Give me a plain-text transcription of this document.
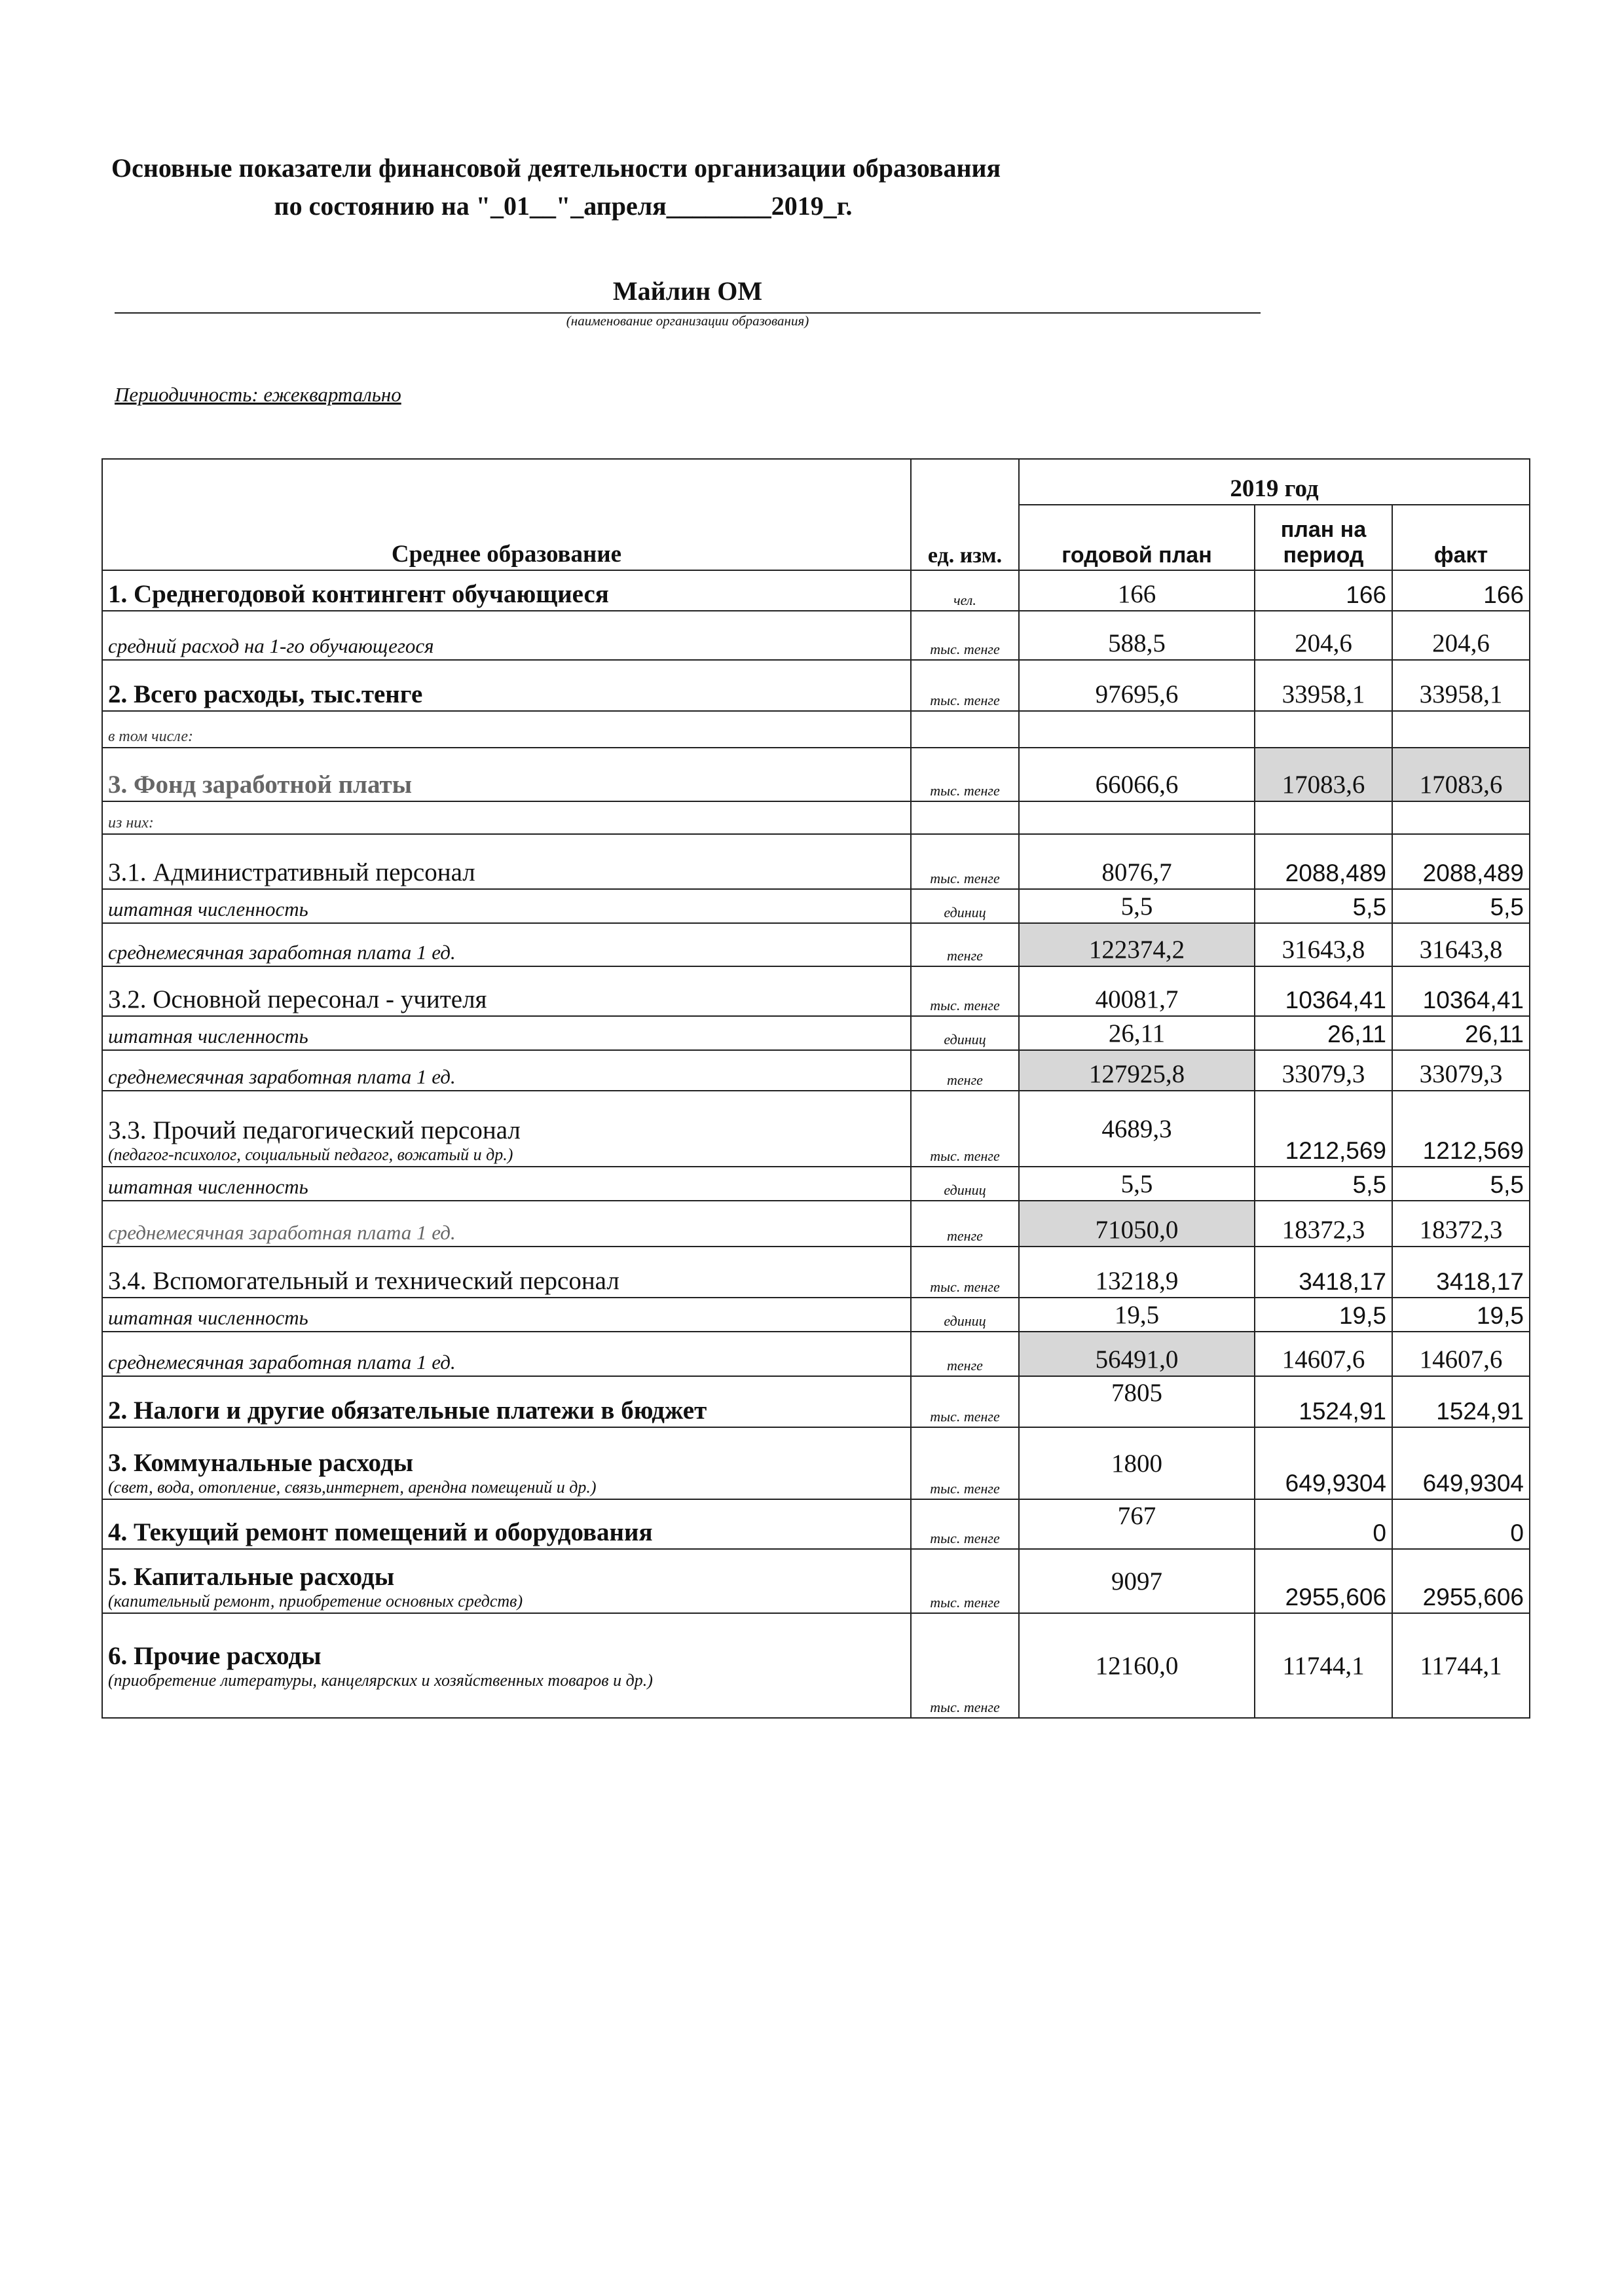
Основные показатели финансовой деятельности организации образования
по состоянию на "_01__"_апреля________2019_г.
Майлин ОМ
(наименование организации образования)
Периодичность: ежеквартально
Среднее образование	ед. изм.	2019 год		
		годовой план	план на период	факт
1. Среднегодовой контингент обучающиеся	чел.	166	166	166
средний расход на 1-го обучающегося	тыс. тенге	588,5	204,6	204,6
2. Всего расходы, тыс.тенге	тыс. тенге	97695,6	33958,1	33958,1
в том числе:				
3. Фонд заработной платы	тыс. тенге	66066,6	17083,6	17083,6
из них:				
3.1. Административный персонал	тыс. тенге	8076,7	2088,489	2088,489
штатная численность	единиц	5,5	5,5	5,5
среднемесячная заработная плата 1 ед.	тенге	122374,2	31643,8	31643,8
3.2. Основной пересонал - учителя	тыс. тенге	40081,7	10364,41	10364,41
штатная численность	единиц	26,11	26,11	26,11
среднемесячная заработная плата 1 ед.	тенге	127925,8	33079,3	33079,3
3.3. Прочий педагогический персонал
(педагог-психолог, социальный педагог, вожатый и др.)	тыс. тенге	4689,3	1212,569	1212,569
штатная численность	единиц	5,5	5,5	5,5
среднемесячная заработная плата 1 ед.	тенге	71050,0	18372,3	18372,3
3.4. Вспомогательный и технический персонал	тыс. тенге	13218,9	3418,17	3418,17
штатная численность	единиц	19,5	19,5	19,5
среднемесячная заработная плата 1 ед.	тенге	56491,0	14607,6	14607,6
2. Налоги и другие обязательные платежи в бюджет	тыс. тенге	7805	1524,91	1524,91
3. Коммунальные расходы
(свет, вода, отопление, связь,интернет, арендна помещений и др.)	тыс. тенге	1800	649,9304	649,9304
4. Текущий ремонт помещений и оборудования	тыс. тенге	767	0	0
5. Капитальные расходы
(капительный ремонт, приобретение основных средств)	тыс. тенге	9097	2955,606	2955,606
6. Прочие расходы
(приобретение литературы, канцелярских и хозяйственных товаров и др.)	тыс. тенге	12160,0	11744,1	11744,1
